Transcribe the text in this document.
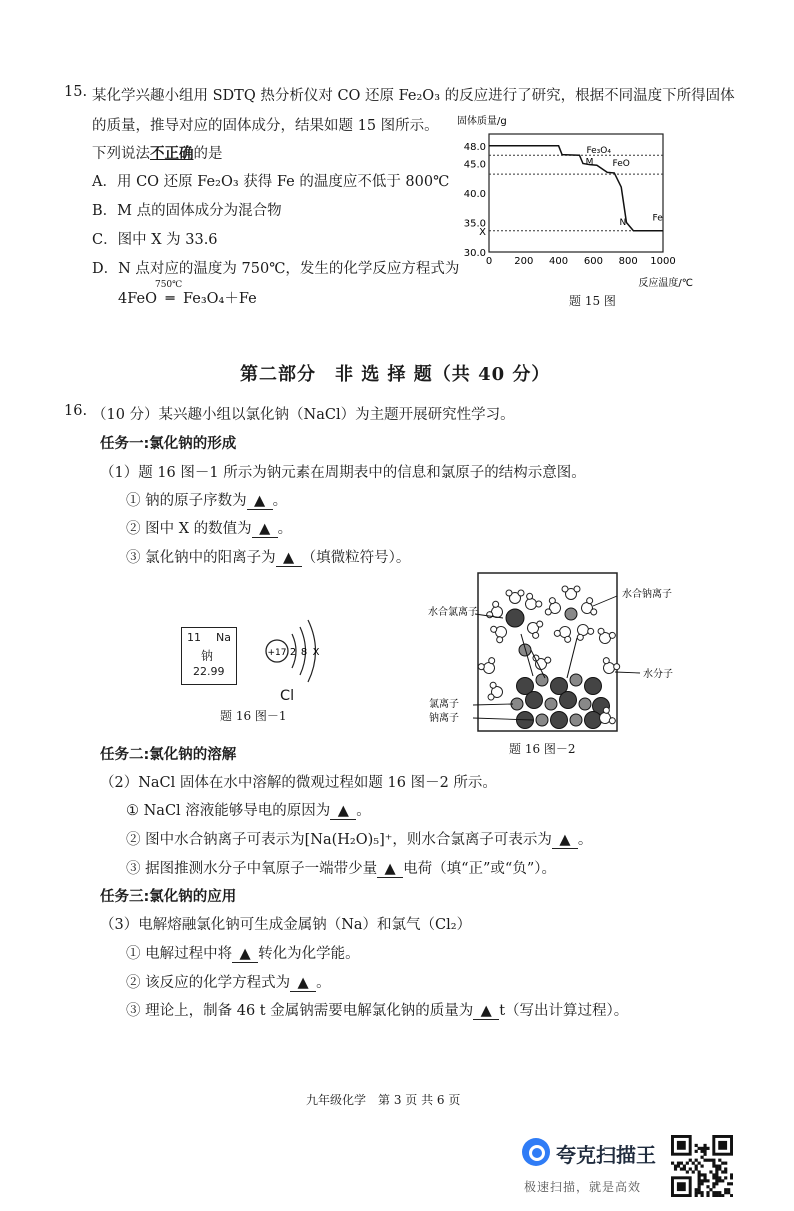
15. 某化学兴趣小组用 SDTQ 热分析仪对 CO 还原 Fe₂O₃ 的反应进行了研究，根据不同温度下所得固体
的质量，推导对应的固体成分，结果如题 15 图所示。
下列说法不正确的是
A．用 CO 还原 Fe₂O₃ 获得 Fe 的温度应不低于 800℃
B．M 点的固体成分为混合物
C．图中 X 为 33.6
D．N 点对应的温度为 750℃，发生的化学反应方程式为
4FeO
750℃
═ Fe₃O₄＋Fe
固体质量/g
反应温度/℃
0 200 400 600 800 1000
48.0
45.0
40.0
35.0
30.0
X
Fe₃O₄
M FeO
N	Fe
题 15 图
第二部分　非 选 择 题（共 40 分）
16. （10 分）某兴趣小组以氯化钠（NaCl）为主题开展研究性学习。
任务一:氯化钠的形成
（1）题 16 图－1 所示为钠元素在周期表中的信息和氯原子的结构示意图。
① 钠的原子序数为 ▲ 。
② 图中 X 的数值为 ▲ 。
③ 氯化钠中的阳离子为 ▲ （填微粒符号）。
11 Na
钠
22.99
+17 2 8 X
Cl
题 16 图－1
水合氯离子
水合钠离子
水分子
氯离子
钠离子
题 16 图－2
任务二:氯化钠的溶解
（2）NaCl 固体在水中溶解的微观过程如题 16 图－2 所示。
① NaCl 溶液能够导电的原因为 ▲ 。
② 图中水合钠离子可表示为[Na(H₂O)₅]⁺，则水合氯离子可表示为 ▲ 。
③ 据图推测水分子中氧原子一端带少量 ▲ 电荷（填“正”或“负”）。
任务三:氯化钠的应用
（3）电解熔融氯化钠可生成金属钠（Na）和氯气（Cl₂）
① 电解过程中将 ▲ 转化为化学能。
② 该反应的化学方程式为 ▲ 。
③ 理论上，制备 46 t 金属钠需要电解氯化钠的质量为 ▲ t（写出计算过程）。
九年级化学　第 3 页 共 6 页
夸克扫描王
极速扫描，就是高效
